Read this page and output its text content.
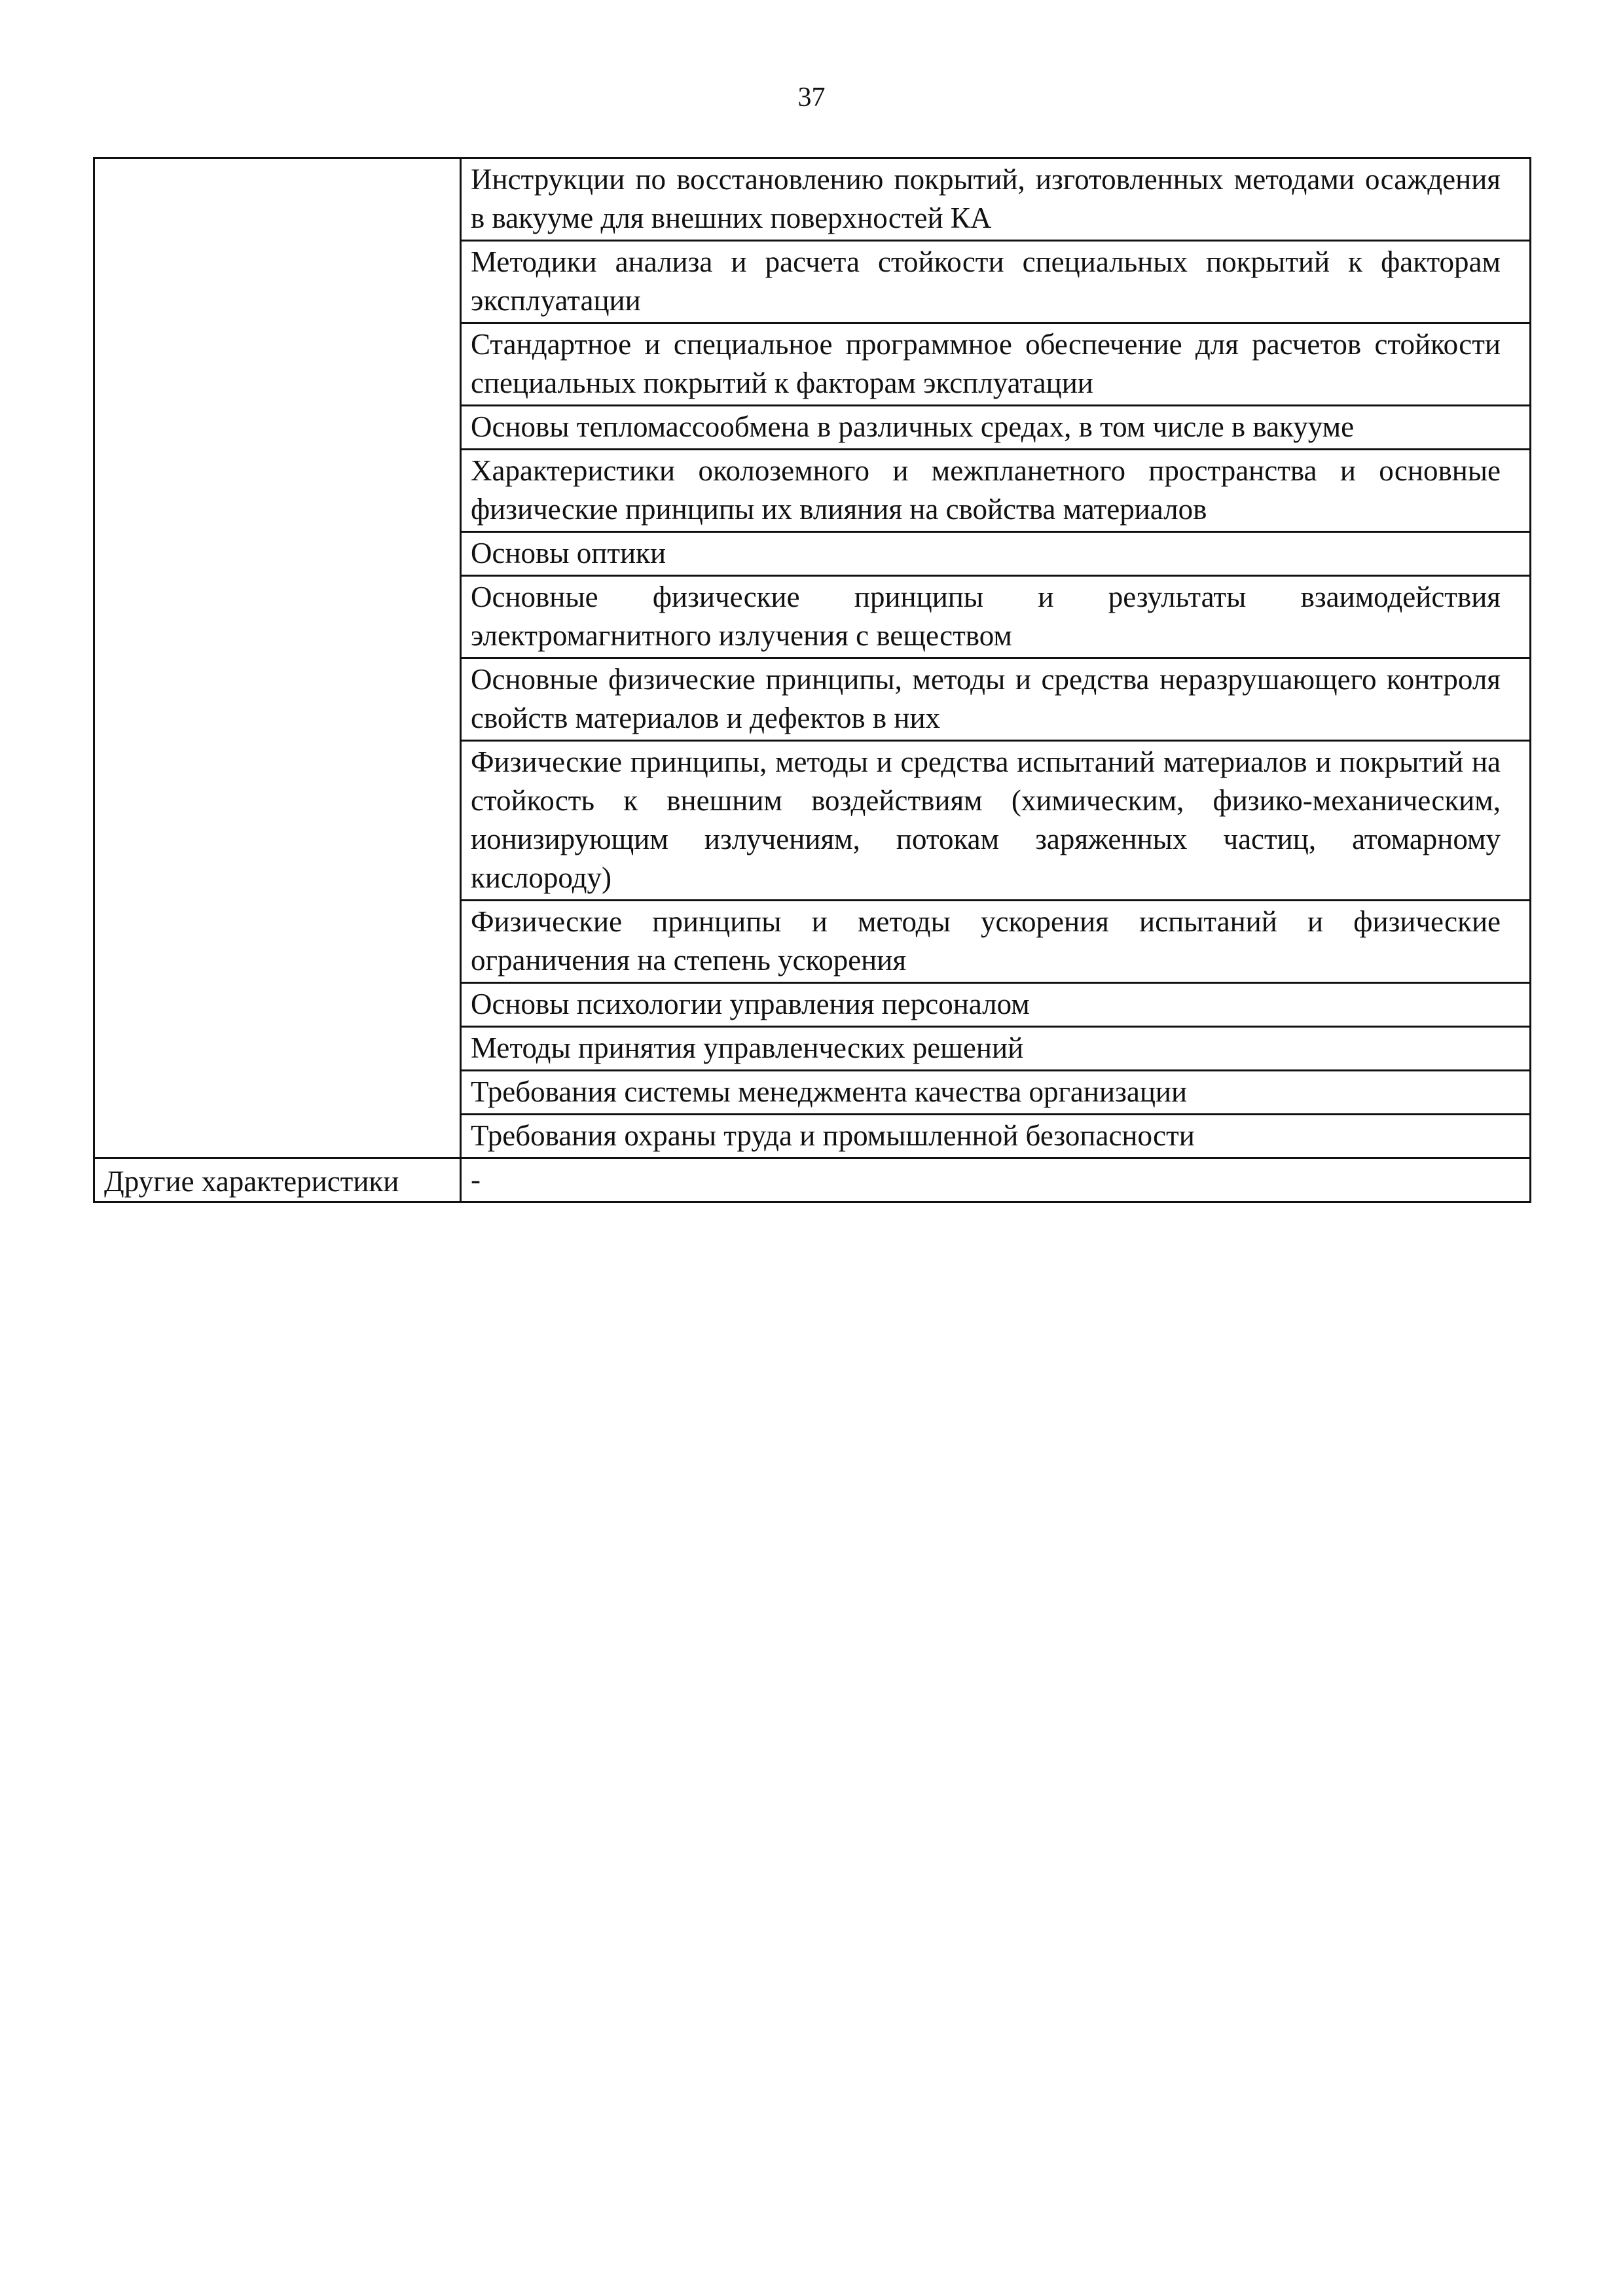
37
	Инструкции по восстановлению покрытий, изготовленных методами осаждения в вакууме для внешних поверхностей КА
	Методики анализа и расчета стойкости специальных покрытий к факторам эксплуатации
	Стандартное и специальное программное обеспечение для расчетов стойкости специальных покрытий к факторам эксплуатации
	Основы тепломассообмена в различных средах, в том числе в вакууме
	Характеристики околоземного и межпланетного пространства и основные физические принципы их влияния на свойства материалов
	Основы оптики
	Основные физические принципы и результаты взаимодействия электромагнитного излучения с веществом
	Основные физические принципы, методы и средства неразрушающего контроля свойств материалов и дефектов в них
	Физические принципы, методы и средства испытаний материалов и покрытий на стойкость к внешним воздействиям (химическим, физико-механическим, ионизирующим излучениям, потокам заряженных частиц, атомарному кислороду)
	Физические принципы и методы ускорения испытаний и физические ограничения на степень ускорения
	Основы психологии управления персоналом
	Методы принятия управленческих решений
	Требования системы менеджмента качества организации
	Требования охраны труда и промышленной безопасности
Другие характеристики	-
